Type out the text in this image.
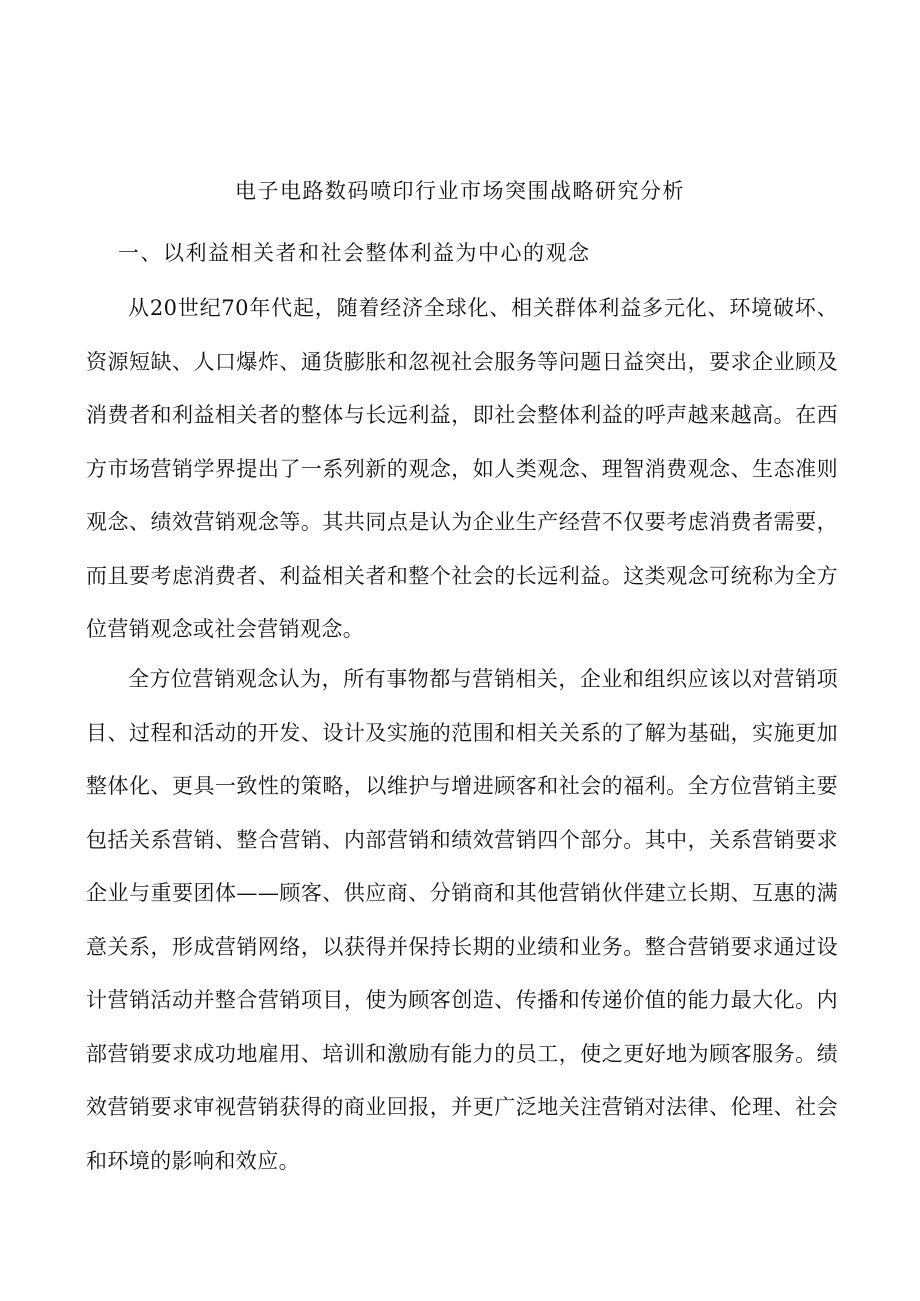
电子电路数码喷印行业市场突围战略研究分析
一、以利益相关者和社会整体利益为中心的观念

从20世纪70年代起，随着经济全球化、相关群体利益多元化、环境破坏、资源短缺、人口爆炸、通货膨胀和忽视社会服务等问题日益突出，要求企业顾及消费者和利益相关者的整体与长远利益，即社会整体利益的呼声越来越高。在西方市场营销学界提出了一系列新的观念，如人类观念、理智消费观念、生态准则观念、绩效营销观念等。其共同点是认为企业生产经营不仅要考虑消费者需要，而且要考虑消费者、利益相关者和整个社会的长远利益。这类观念可统称为全方位营销观念或社会营销观念。

全方位营销观念认为，所有事物都与营销相关，企业和组织应该以对营销项目、过程和活动的开发、设计及实施的范围和相关关系的了解为基础，实施更加整体化、更具一致性的策略，以维护与增进顾客和社会的福利。全方位营销主要包括关系营销、整合营销、内部营销和绩效营销四个部分。其中，关系营销要求企业与重要团体——顾客、供应商、分销商和其他营销伙伴建立长期、互惠的满意关系，形成营销网络，以获得并保持长期的业绩和业务。整合营销要求通过设计营销活动并整合营销项目，使为顾客创造、传播和传递价值的能力最大化。内部营销要求成功地雇用、培训和激励有能力的员工，使之更好地为顾客服务。绩效营销要求审视营销获得的商业回报，并更广泛地关注营销对法律、伦理、社会和环境的影响和效应。
